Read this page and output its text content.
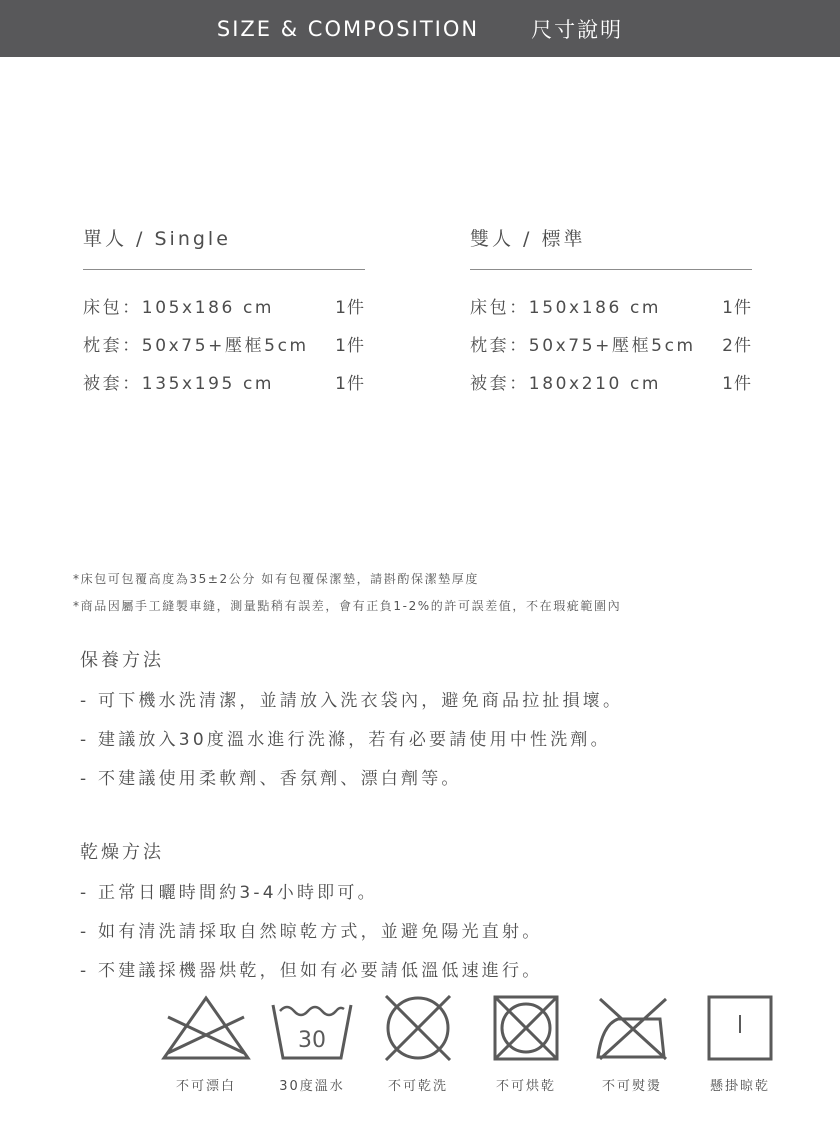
SIZE & COMPOSITION 尺寸說明
單人 / Single
床包：105x186 cm	1件
枕套：50x75+壓框5cm 1件
被套：135x195 cm	1件
雙人 / 標準
床包：150x186 cm	1件
枕套：50x75+壓框5cm 2件
被套：180x210 cm	1件
*床包可包覆高度為35±2公分 如有包覆保潔墊，請斟酌保潔墊厚度
*商品因屬手工縫製車縫，測量點稍有誤差，會有正負1-2%的許可誤差值，不在瑕疵範圍內
保養方法
- 可下機水洗清潔，並請放入洗衣袋內，避免商品拉扯損壞。
- 建議放入30度溫水進行洗滌，若有必要請使用中性洗劑。
- 不建議使用柔軟劑、香氛劑、漂白劑等。
乾燥方法
- 正常日曬時間約3-4小時即可。
- 如有清洗請採取自然晾乾方式，並避免陽光直射。
- 不建議採機器烘乾，但如有必要請低溫低速進行。
不可漂白
30
30度溫水	不可乾洗	不可烘乾	不可熨燙	懸掛晾乾
